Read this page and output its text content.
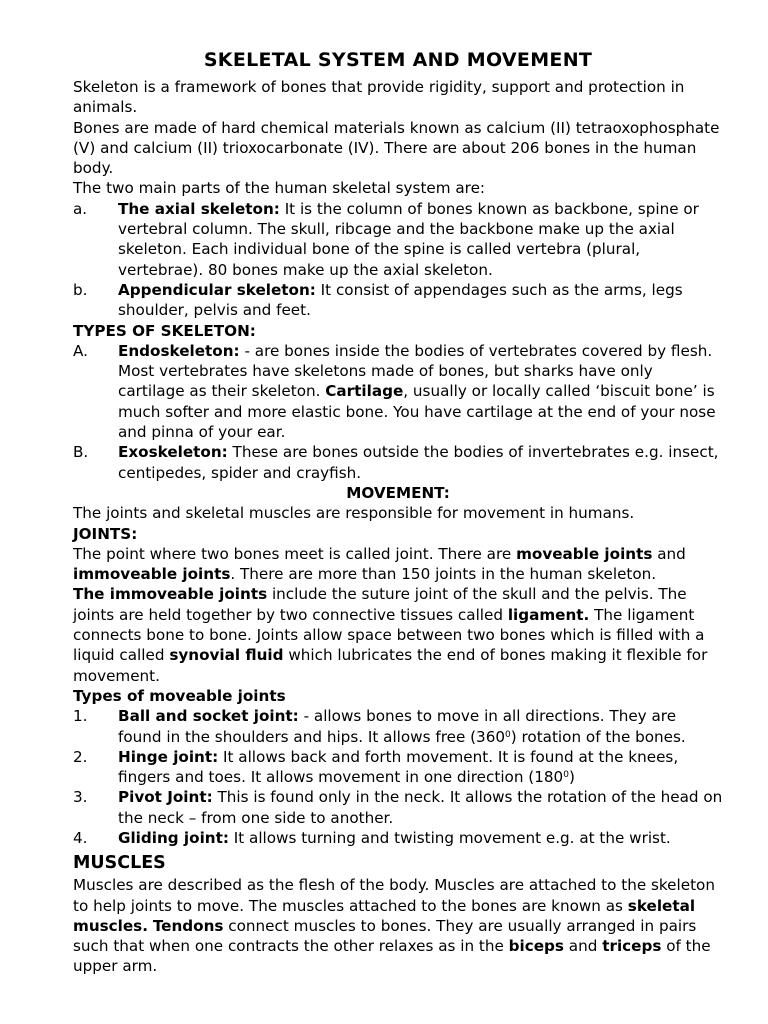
SKELETAL SYSTEM AND MOVEMENT

Skeleton is a framework of bones that provide rigidity, support and protection in animals.

Bones are made of hard chemical materials known as calcium (II) tetraoxophosphate (V) and calcium (II) trioxocarbonate (IV). There are about 206 bones in the human body.

The two main parts of the human skeletal system are:

a. The axial skeleton: It is the column of bones known as backbone, spine or vertebral column. The skull, ribcage and the backbone make up the axial skeleton. Each individual bone of the spine is called vertebra (plural, vertebrae). 80 bones make up the axial skeleton.
b. Appendicular skeleton: It consist of appendages such as the arms, legs shoulder, pelvis and feet.

TYPES OF SKELETON:

A. Endoskeleton: - are bones inside the bodies of vertebrates covered by flesh. Most vertebrates have skeletons made of bones, but sharks have only cartilage as their skeleton. Cartilage, usually or locally called ‘biscuit bone’ is much softer and more elastic bone. You have cartilage at the end of your nose and pinna of your ear.
B. Exoskeleton: These are bones outside the bodies of invertebrates e.g. insect, centipedes, spider and crayfish.

MOVEMENT:

The joints and skeletal muscles are responsible for movement in humans.

JOINTS:

The point where two bones meet is called joint. There are moveable joints and immoveable joints. There are more than 150 joints in the human skeleton.

The immoveable joints include the suture joint of the skull and the pelvis. The joints are held together by two connective tissues called ligament. The ligament connects bone to bone. Joints allow space between two bones which is filled with a liquid called synovial fluid which lubricates the end of bones making it flexible for movement.

Types of moveable joints

1. Ball and socket joint: - allows bones to move in all directions. They are found in the shoulders and hips. It allows free $(360^0)$ rotation of the bones.
2. Hinge joint: It allows back and forth movement. It is found at the knees, fingers and toes. It allows movement in one direction $(180^0)$
3. Pivot Joint: This is found only in the neck. It allows the rotation of the head on the neck – from one side to another.
4. Gliding joint: It allows turning and twisting movement e.g. at the wrist.

MUSCLES

Muscles are described as the flesh of the body. Muscles are attached to the skeleton to help joints to move. The muscles attached to the bones are known as skeletal muscles. Tendons connect muscles to bones. They are usually arranged in pairs such that when one contracts the other relaxes as in the biceps and triceps of the upper arm.
